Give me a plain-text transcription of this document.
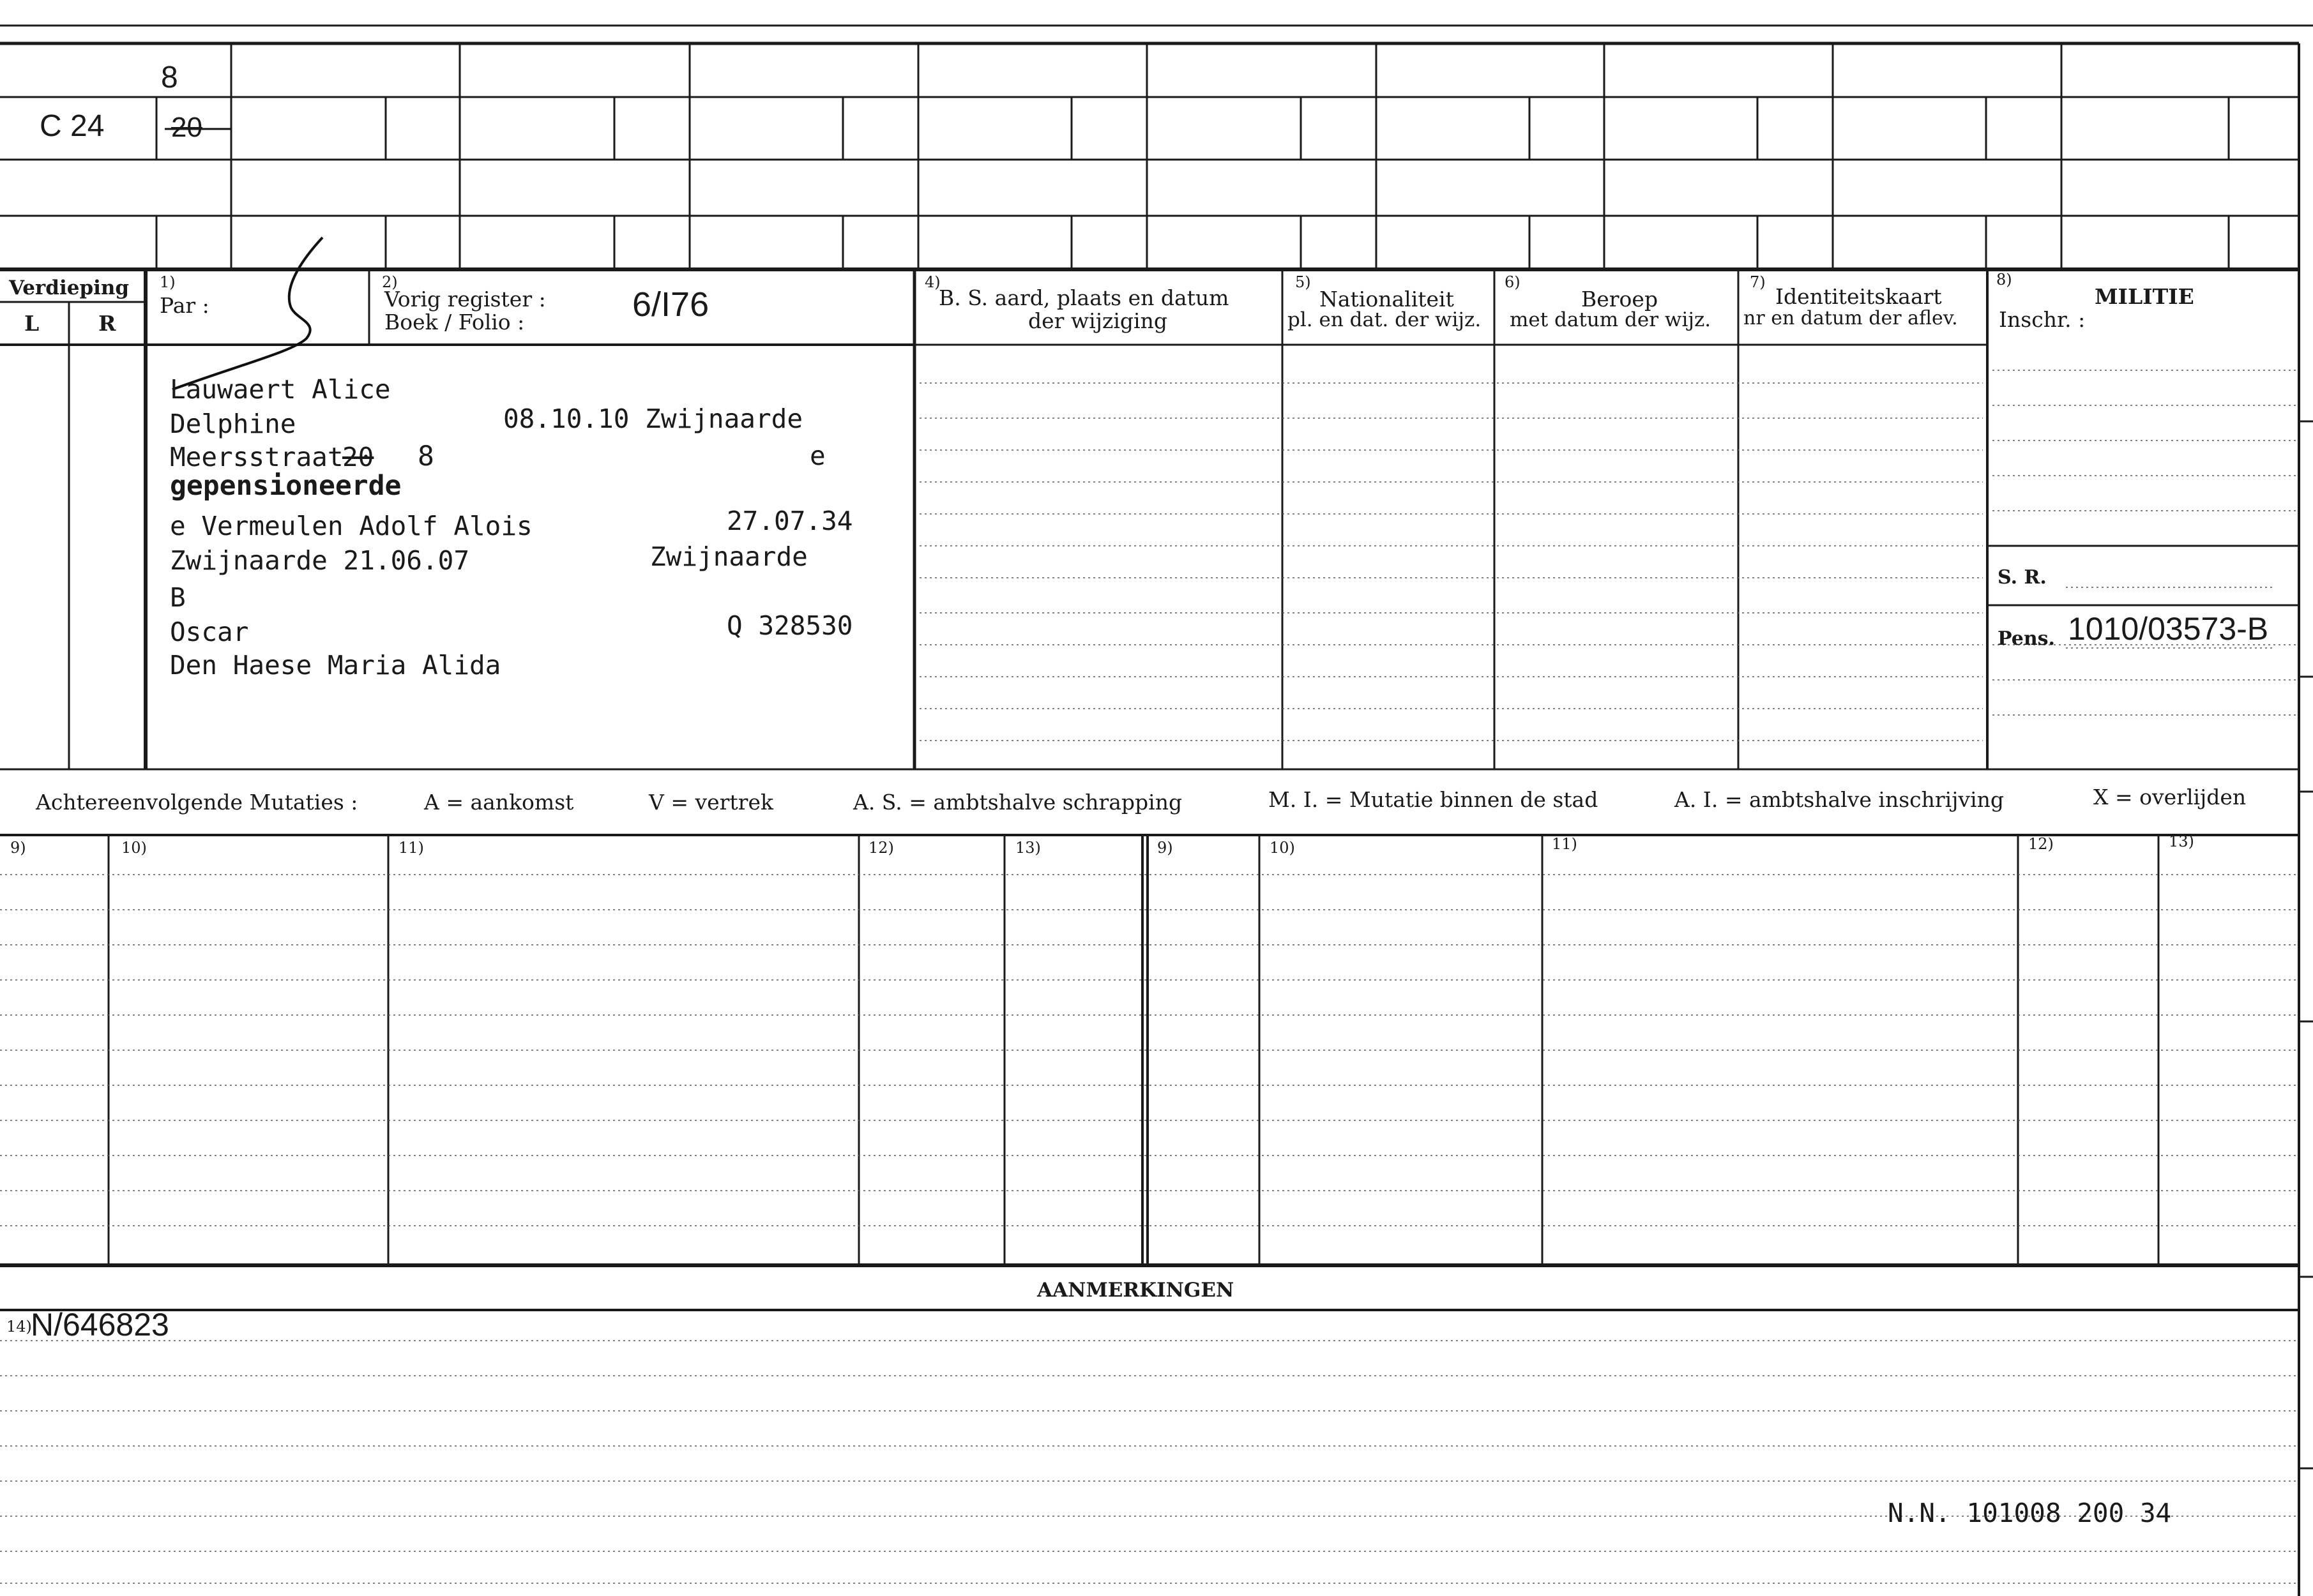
8
C 24 20
Verdieping
L	R
1)
Par :
2)
Vorig register :
Boek / Folio :	6/I76
4)
B. S. aard, plaats en datum
der wijziging
5)
Nationaliteit
pl. en dat. der wijz.
6)
Beroep
met datum der wijz.
7)
Identiteitskaart
nr en datum der aflev.
8)
MILITIE
Inschr. :
S. R.
Pens. 1010/03573-B
Lauwaert Alice
Delphine	08.10.10 Zwijnaarde
Meersstraat
20 8	e
gepensioneerde
e Vermeulen Adolf Alois	27.07.34
Zwijnaarde 21.06.07	Zwijnaarde
B
Oscar	Q 328530
Den Haese Maria Alida
Achtereenvolgende Mutaties :	A = aankomst	V = vertrek	A. S. = ambtshalve schrapping	M. I. = Mutatie binnen de stad	A. I. = ambtshalve inschrijving	X = overlijden
9)	10)	11)	12)	13)	9)	10)	11)	12)	13)
AANMERKINGEN
14)
N/646823
N.N. 101008 200 34
